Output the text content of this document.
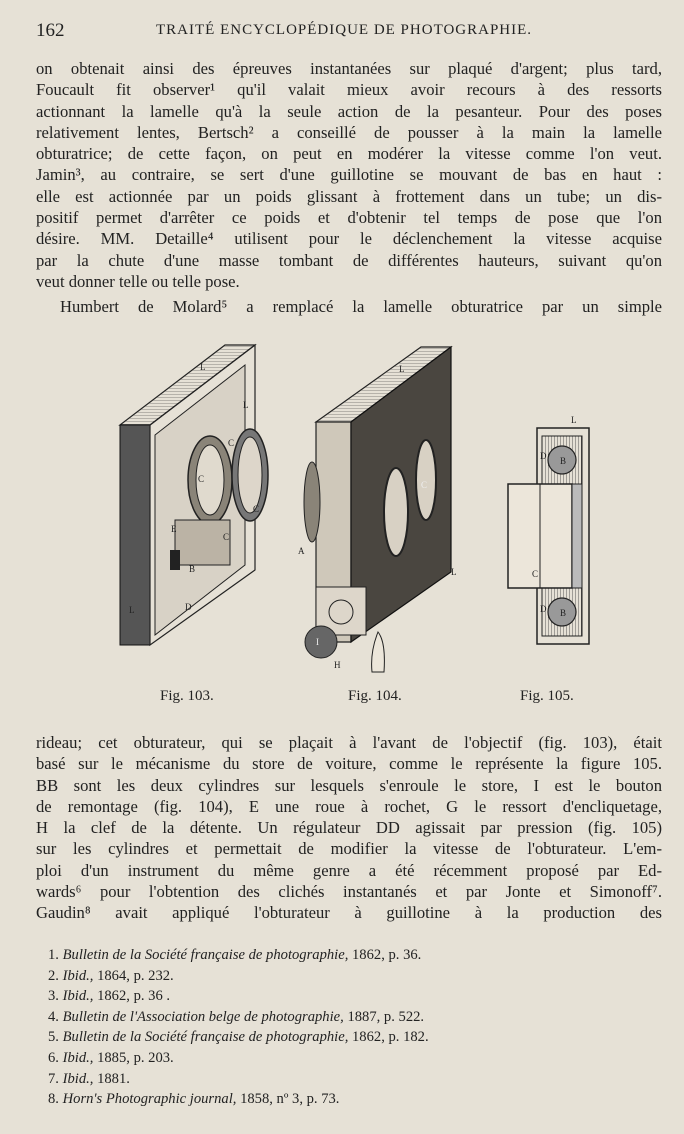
162	TRAITÉ ENCYCLOPÉDIQUE DE PHOTOGRAPHIE.
on obtenait ainsi des épreuves instantanées sur plaqué d'argent; plus tard,
Foucault fit observer¹ qu'il valait mieux avoir recours à des ressorts
actionnant la lamelle qu'à la seule action de la pesanteur. Pour des poses
relativement lentes, Bertsch² a conseillé de pousser à la main la lamelle
obturatrice; de cette façon, on peut en modérer la vitesse comme l'on veut.
Jamin³, au contraire, se sert d'une guillotine se mouvant de bas en haut :
elle est actionnée par un poids glissant à frottement dans un tube; un dis-
positif permet d'arrêter ce poids et d'obtenir tel temps de pose que l'on
désire. MM. Detaille⁴ utilisent pour le déclenchement la vitesse acquise
par la chute d'une masse tombant de différentes hauteurs, suivant qu'on
veut donner telle ou telle pose.
Humbert de Molard⁵ a remplacé la lamelle obturatrice par un simple
L
L
C
C
C
C
E
B
D
L
Fig. 103.
L
A
C
L
I
H
Fig. 104.
L
D B
C
D B
Fig. 105.
rideau; cet obturateur, qui se plaçait à l'avant de l'objectif (fig. 103), était
basé sur le mécanisme du store de voiture, comme le représente la figure 105.
BB sont les deux cylindres sur lesquels s'enroule le store, I est le bouton
de remontage (fig. 104), E une roue à rochet, G le ressort d'encliquetage,
H la clef de la détente. Un régulateur DD agissait par pression (fig. 105)
sur les cylindres et permettait de modifier la vitesse de l'obturateur. L'em-
ploi d'un instrument du même genre a été récemment proposé par Ed-
wards⁶ pour l'obtention des clichés instantanés et par Jonte et Simonoff⁷.
Gaudin⁸ avait appliqué l'obturateur à guillotine à la production des
1. Bulletin de la Société française de photographie, 1862, p. 36.
2. Ibid., 1864, p. 232.
3. Ibid., 1862, p. 36 .
4. Bulletin de l'Association belge de photographie, 1887, p. 522.
5. Bulletin de la Société française de photographie, 1862, p. 182.
6. Ibid., 1885, p. 203.
7. Ibid., 1881.
8. Horn's Photographic journal, 1858, nº 3, p. 73.
